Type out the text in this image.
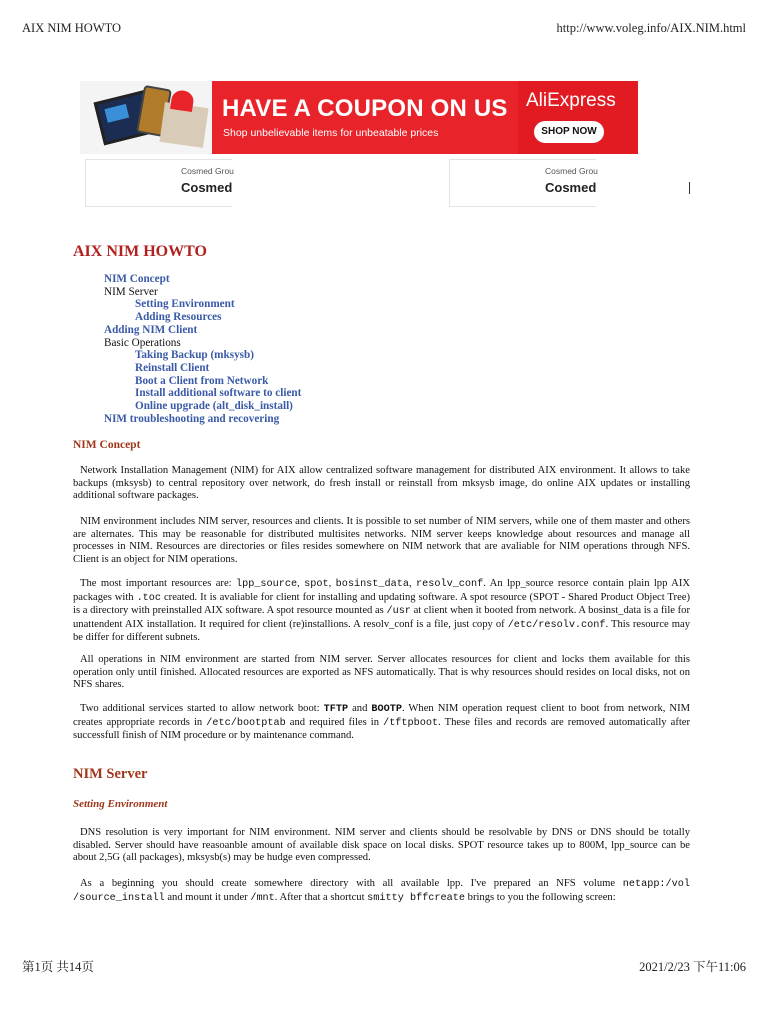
AIX NIM HOWTO	http://www.voleg.info/AIX.NIM.html
HAVE A COUPON ON US
Shop unbelievable items for unbeatable prices
AliExpress
SHOP NOW
Cosmed Grou
Cosmed
Cosmed Grou
Cosmed
AIX NIM HOWTO
NIM Concept
NIM Server
Setting Environment
Adding Resources
Adding NIM Client
Basic Operations
Taking Backup (mksysb)
Reinstall Client
Boot a Client from Network
Install additional software to client
Online upgrade (alt_disk_install)
NIM troubleshooting and recovering
NIM Concept

Network Installation Management (NIM) for AIX allow centralized software management for distributed AIX environment. It allows to take backups (mksysb) to central repository over network, do fresh install or reinstall from mksysb image, do online AIX updates or installing additional software packages.

NIM environment includes NIM server, resources and clients. It is possible to set number of NIM servers, while one of them master and others are alternates. This may be reasonable for distributed multisites networks. NIM server keeps knowledge about resources and manage all processes in NIM. Resources are directories or files resides somewhere on NIM network that are avaliable for NIM operations through NFS. Client is an object for NIM operations.

The most important resources are: lpp_source, spot, bosinst_data, resolv_conf. An lpp_source resorce contain plain lpp AIX packages with .toc created. It is avaliable for client for installing and updating software. A spot resource (SPOT - Shared Product Object Tree) is a directory with preinstalled AIX software. A spot resource mounted as /usr at client when it booted from network. A bosinst_data is a file for unattendent AIX installation. It required for client (re)installions. A resolv_conf is a file, just copy of /etc/resolv.conf. This resource may be differ for different subnets.

All operations in NIM environment are started from NIM server. Server allocates resources for client and locks them available for this operation only until finished. Allocated resources are exported as NFS automatically. That is why resources should resides on local disks, not on NFS shares.

Two additional services started to allow network boot: TFTP and BOOTP. When NIM operation request client to boot from network, NIM creates appropriate records in /etc/bootptab and required files in /tftpboot. These files and records are removed automatically after successfull finish of NIM procedure or by maintenance command.

NIM Server
Setting Environment

DNS resolution is very important for NIM environment. NIM server and clients should be resolvable by DNS or DNS should be totally disabled. Server should have reasoanble amount of available disk space on local disks. SPOT resource takes up to 800M, lpp_source can be about 2,5G (all packages), mksysb(s) may be hudge even compressed.

As a beginning you should create somewhere directory with all available lpp. I've prepared an NFS volume netapp:/vol /source_install and mount it under /mnt. After that a shortcut smitty bffcreate brings to you the following screen:

第1页 共14页	2021/2/23 下午11:06
